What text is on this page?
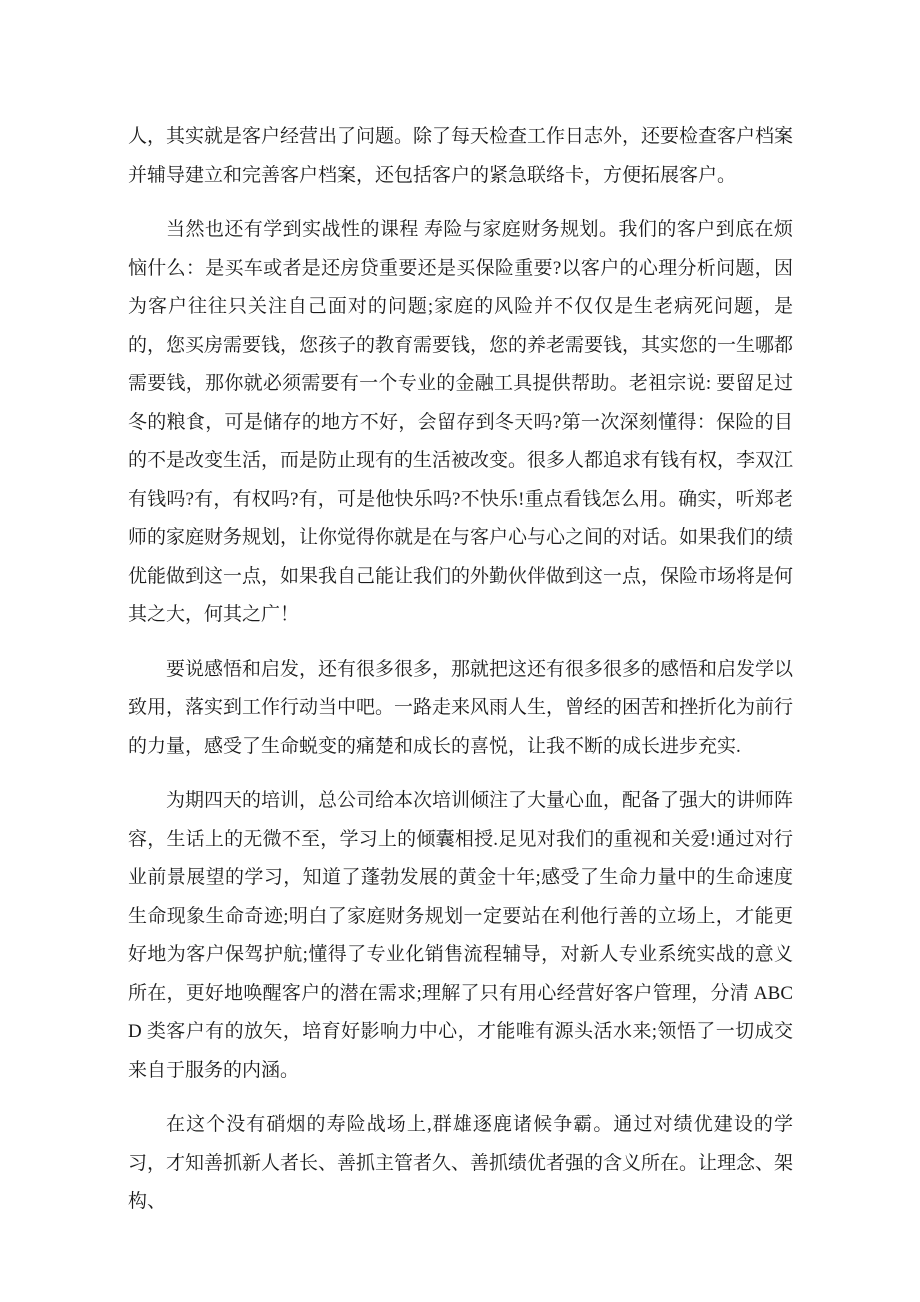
人，其实就是客户经营出了问题。除了每天检查工作日志外，还要检查客户档案并辅导建立和完善客户档案，还包括客户的紧急联络卡，方便拓展客户。

当然也还有学到实战性的课程 寿险与家庭财务规划。我们的客户到底在烦恼什么：是买车或者是还房贷重要还是买保险重要?以客户的心理分析问题，因为客户往往只关注自己面对的问题;家庭的风险并不仅仅是生老病死问题，是的，您买房需要钱，您孩子的教育需要钱，您的养老需要钱，其实您的一生哪都需要钱，那你就必须需要有一个专业的金融工具提供帮助。老祖宗说: 要留足过冬的粮食，可是储存的地方不好，会留存到冬天吗?第一次深刻懂得：保险的目的不是改变生活，而是防止现有的生活被改变。很多人都追求有钱有权，李双江有钱吗?有，有权吗?有，可是他快乐吗?不快乐!重点看钱怎么用。确实，听郑老师的家庭财务规划，让你觉得你就是在与客户心与心之间的对话。如果我们的绩优能做到这一点，如果我自己能让我们的外勤伙伴做到这一点，保险市场将是何其之大，何其之广！

要说感悟和启发，还有很多很多，那就把这还有很多很多的感悟和启发学以致用，落实到工作行动当中吧。一路走来风雨人生，曾经的困苦和挫折化为前行的力量，感受了生命蜕变的痛楚和成长的喜悦，让我不断的成长进步充实.

为期四天的培训，总公司给本次培训倾注了大量心血，配备了强大的讲师阵容，生话上的无微不至，学习上的倾囊相授.足见对我们的重视和关爱!通过对行业前景展望的学习，知道了蓬勃发展的黄金十年;感受了生命力量中的生命速度生命现象生命奇迹;明白了家庭财务规划一定要站在利他行善的立场上，才能更好地为客户保驾护航;懂得了专业化销售流程辅导，对新人专业系统实战的意义所在，更好地唤醒客户的潜在需求;理解了只有用心经营好客户管理，分清 ABCD 类客户有的放矢，培育好影响力中心，才能唯有源头活水来;领悟了一切成交来自于服务的内涵。

在这个没有硝烟的寿险战场上,群雄逐鹿诸候争霸。通过对绩优建设的学习，才知善抓新人者长、善抓主管者久、善抓绩优者强的含义所在。让理念、架构、
